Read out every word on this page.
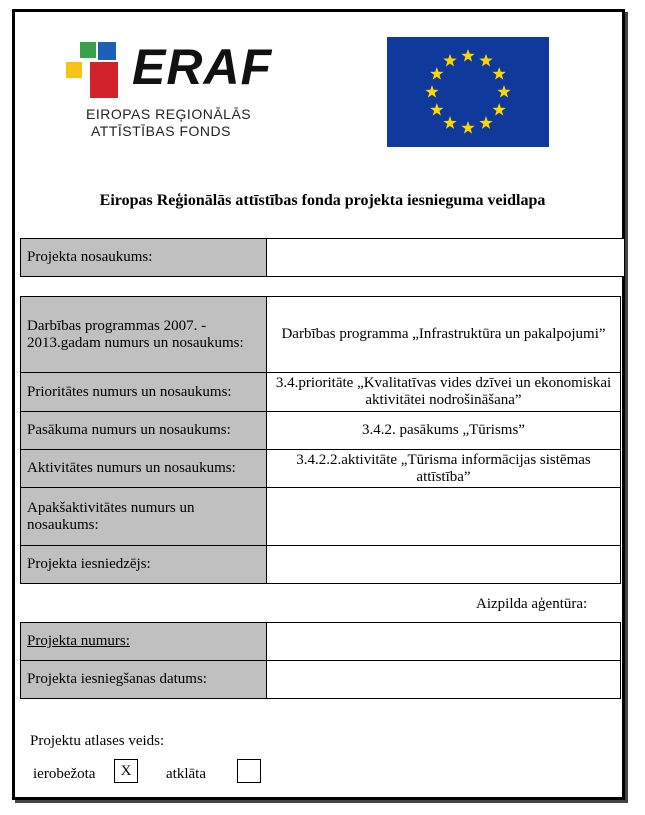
ERAF
EIROPAS REĢIONĀLĀS
ATTĪSTĪBAS FONDS
Eiropas Reģionālās attīstības fonda projekta iesnieguma veidlapa
Projekta nosaukums:	
Darbības programmas 2007. - 2013.gadam numurs un nosaukums:	Darbības programma „Infrastruktūra un pakalpojumi”
Prioritātes numurs un nosaukums:	3.4.prioritāte „Kvalitatīvas vides dzīvei un ekonomiskai aktivitātei nodrošināšana”
Pasākuma numurs un nosaukums:	3.4.2. pasākums „Tūrisms”
Aktivitātes numurs un nosaukums:	3.4.2.2.aktivitāte „Tūrisma informācijas sistēmas attīstība”
Apakšaktivitātes numurs un nosaukums:	
Projekta iesniedzējs:	
Aizpilda aģentūra:
Projekta numurs:	
Projekta iesniegšanas datums:	
Projektu atlases veids:
ierobežota	X	atklāta
